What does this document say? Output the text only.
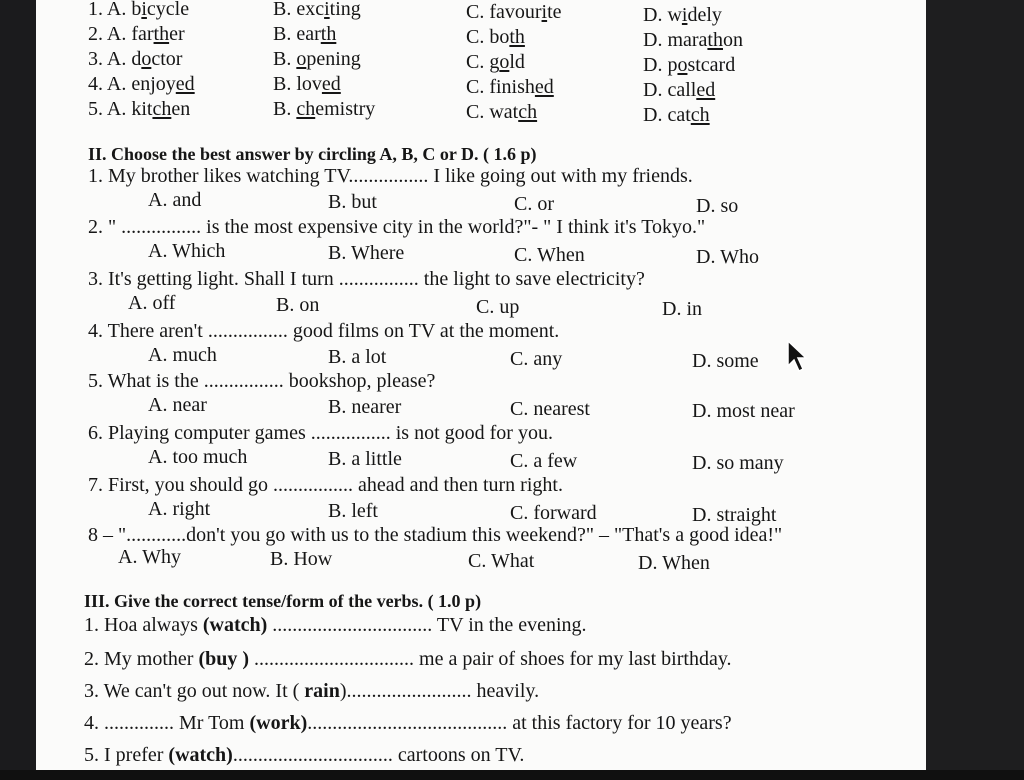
1. A. bicycle	B. exciting	C. favourite	D. widely
2. A. farther	B. earth	C. both	D. marathon
3. A. doctor	B. opening	C. gold	D. postcard
4. A. enjoyed	B. loved	C. finished	D. called
5. A. kitchen	B. chemistry	C. watch	D. catch
II. Choose the best answer by circling A, B, C or D. ( 1.6 p)
1. My brother likes watching TV................ I like going out with my friends.
A. and	B. but	C. or	D. so
2. " ................ is the most expensive city in the world?"- " I think it's Tokyo."
A. Which	B. Where	C. When	D. Who
3. It's getting light. Shall I turn ................ the light to save electricity?
A. off	B. on	C. up	D. in
4. There aren't ................ good films on TV at the moment.
A. much	B. a lot	C. any	D. some
5. What is the ................ bookshop, please?
A. near	B. nearer	C. nearest	D. most near
6. Playing computer games ................ is not good for you.
A. too much	B. a little	C. a few	D. so many
7. First, you should go ................ ahead and then turn right.
A. right	B. left	C. forward	D. straight
8 – "............don't you go with us to the stadium this weekend?" – "That's a good idea!"
A. Why	B. How	C. What	D. When
III. Give the correct tense/form of the verbs. ( 1.0 p)
1. Hoa always (watch) ................................ TV in the evening.
2. My mother (buy ) ................................ me a pair of shoes for my last birthday.
3. We can't go out now. It ( rain)......................... heavily.
4. .............. Mr Tom (work)........................................ at this factory for 10 years?
5. I prefer (watch)................................ cartoons on TV.
